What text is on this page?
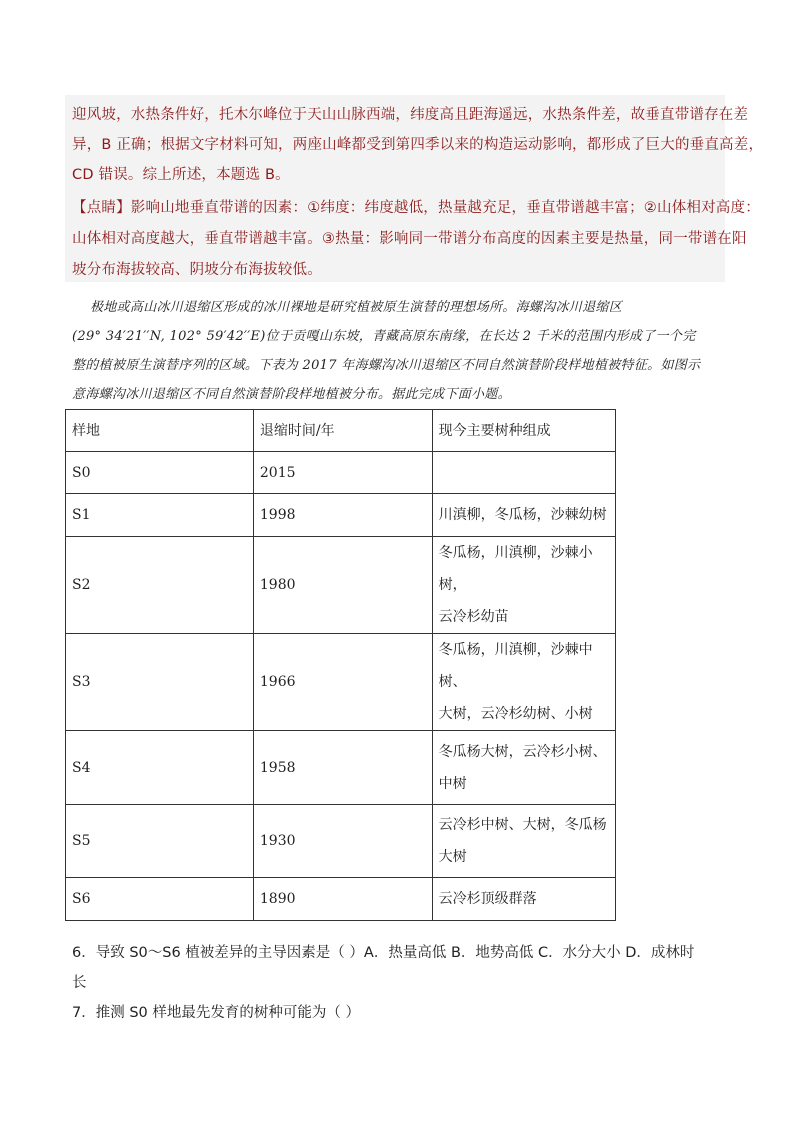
迎风坡，水热条件好，托木尔峰位于天山山脉西端，纬度高且距海遥远，水热条件差，故垂直带谱存在差
异，B 正确；根据文字材料可知，两座山峰都受到第四季以来的构造运动影响，都形成了巨大的垂直高差，
CD 错误。综上所述，本题选 B。
【点睛】影响山地垂直带谱的因素：①纬度：纬度越低，热量越充足，垂直带谱越丰富；②山体相对高度：
山体相对高度越大，垂直带谱越丰富。③热量：影响同一带谱分布高度的因素主要是热量，同一带谱在阳
坡分布海拔较高、阴坡分布海拔较低。
极地或高山冰川退缩区形成的冰川裸地是研究植被原生演替的理想场所。海螺沟冰川退缩区
(29° 34′21′′N, 102° 59′42′′E)位于贡嘎山东坡，青藏高原东南缘，在长达 2 千米的范围内形成了一个完
整的植被原生演替序列的区域。下表为 2017 年海螺沟冰川退缩区不同自然演替阶段样地植被特征。如图示
意海螺沟冰川退缩区不同自然演替阶段样地植被分布。据此完成下面小题。
样地	退缩时间/年	现今主要树种组成
S0	2015	

S1	1998	川滇柳，冬瓜杨，沙棘幼树

S2	1980	冬瓜杨，川滇柳，沙棘小树，
云冷杉幼苗

S3	1966	冬瓜杨，川滇柳，沙棘中树、
大树，云冷杉幼树、小树

S4	1958	冬瓜杨大树，云冷杉小树、
中树

S5	1930	云冷杉中树、大树，冬瓜杨
大树

S6	1890	云冷杉顶级群落
6．导致 S0～S6 植被差异的主导因素是（ ）A．热量高低 B．地势高低 C．水分大小 D．成林时
长
7．推测 S0 样地最先发育的树种可能为（ ）
